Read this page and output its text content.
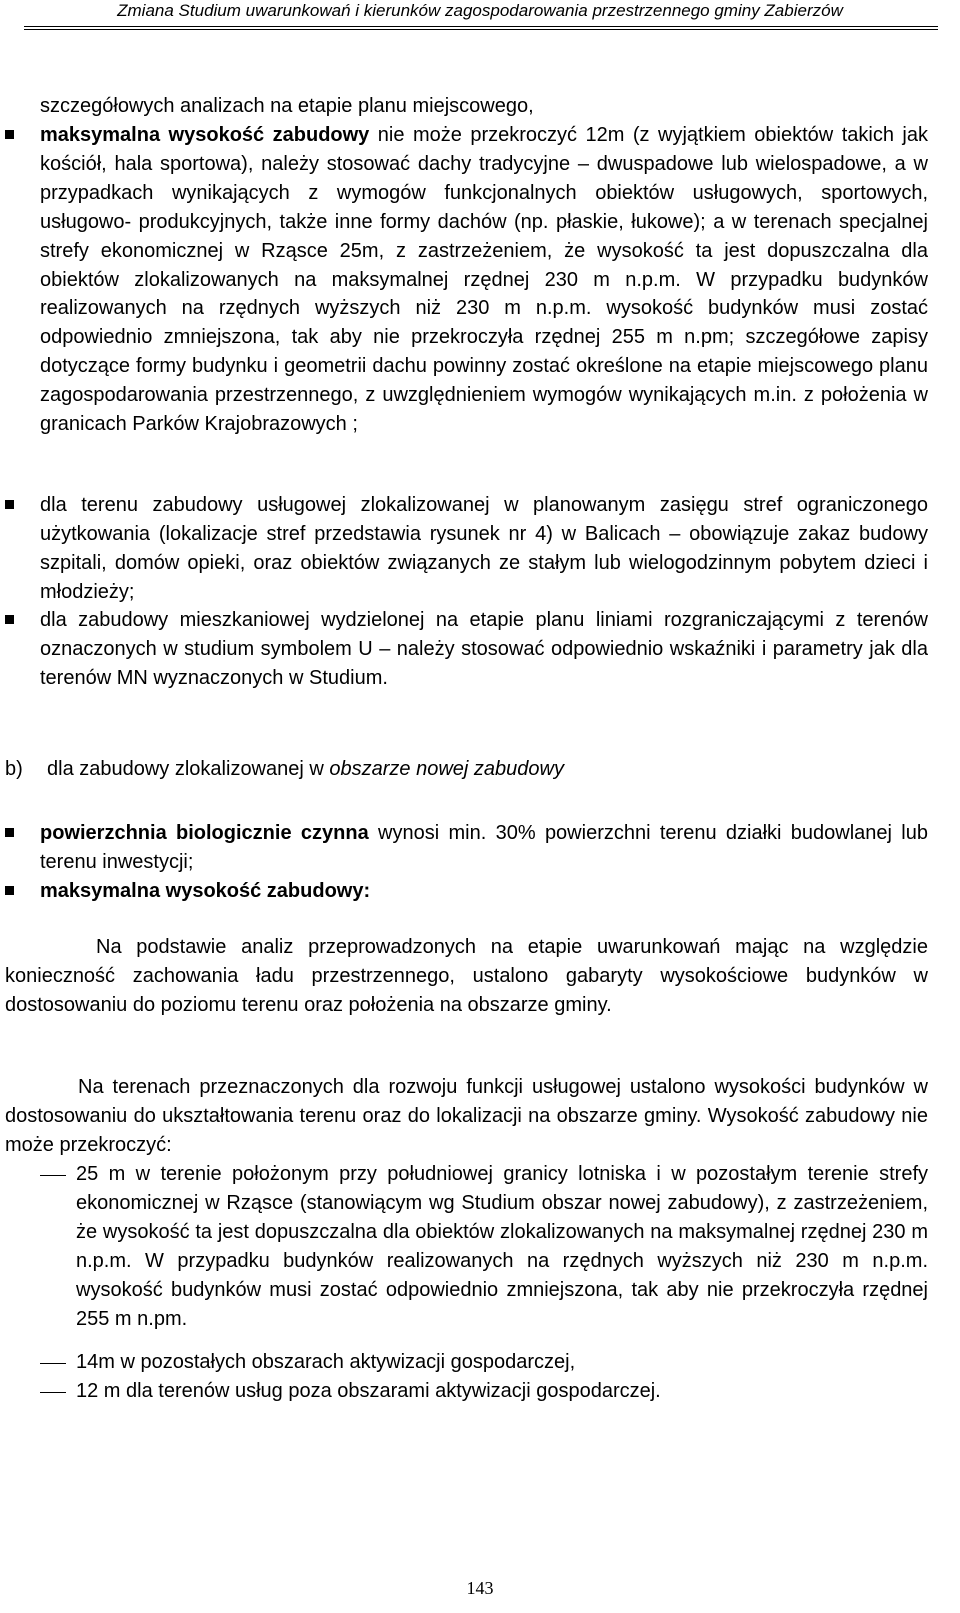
Zmiana Studium uwarunkowań i kierunków zagospodarowania przestrzennego gminy Zabierzów

szczegółowych analizach na etapie planu miejscowego,

maksymalna wysokość zabudowy nie może przekroczyć 12m (z wyjątkiem obiektów takich jak kościół, hala sportowa), należy stosować dachy tradycyjne – dwuspadowe lub wielospadowe, a w przypadkach wynikających z wymogów funkcjonalnych obiektów usługowych, sportowych, usługowo- produkcyjnych, także inne formy dachów (np. płaskie, łukowe); a w terenach specjalnej strefy ekonomicznej w Rząsce 25m, z zastrzeżeniem, że wysokość ta jest dopuszczalna dla obiektów zlokalizowanych na maksymalnej rzędnej 230 m n.p.m. W przypadku budynków realizowanych na rzędnych wyższych niż 230 m n.p.m. wysokość budynków musi zostać odpowiednio zmniejszona, tak aby nie przekroczyła rzędnej 255 m n.pm; szczegółowe zapisy dotyczące formy budynku i geometrii dachu powinny zostać określone na etapie miejscowego planu zagospodarowania przestrzennego, z uwzględnieniem wymogów wynikających m.in. z położenia w granicach Parków Krajobrazowych ;

dla terenu zabudowy usługowej zlokalizowanej w planowanym zasięgu stref ograniczonego użytkowania (lokalizacje stref przedstawia rysunek nr 4) w Balicach – obowiązuje zakaz budowy szpitali, domów opieki, oraz obiektów związanych ze stałym lub wielogodzinnym pobytem dzieci i młodzieży;

dla zabudowy mieszkaniowej wydzielonej na etapie planu liniami rozgraniczającymi z terenów oznaczonych w studium symbolem U – należy stosować odpowiednio wskaźniki i parametry jak dla terenów MN wyznaczonych w Studium.

b) dla zabudowy zlokalizowanej w obszarze nowej zabudowy

powierzchnia biologicznie czynna wynosi min. 30% powierzchni terenu działki budowlanej lub terenu inwestycji;

maksymalna wysokość zabudowy:

Na podstawie analiz przeprowadzonych na etapie uwarunkowań mając na względzie konieczność zachowania ładu przestrzennego, ustalono gabaryty wysokościowe budynków w dostosowaniu do poziomu terenu oraz położenia na obszarze gminy.

Na terenach przeznaczonych dla rozwoju funkcji usługowej ustalono wysokości budynków w dostosowaniu do ukształtowania terenu oraz do lokalizacji na obszarze gminy. Wysokość zabudowy nie może przekroczyć:

25 m w terenie położonym przy południowej granicy lotniska i w pozostałym terenie strefy ekonomicznej w Rząsce (stanowiącym wg Studium obszar nowej zabudowy), z zastrzeżeniem, że wysokość ta jest dopuszczalna dla obiektów zlokalizowanych na maksymalnej rzędnej 230 m n.p.m. W przypadku budynków realizowanych na rzędnych wyższych niż 230 m n.p.m. wysokość budynków musi zostać odpowiednio zmniejszona, tak aby nie przekroczyła rzędnej 255 m n.pm.

14m w pozostałych obszarach aktywizacji gospodarczej,

12 m dla terenów usług poza obszarami aktywizacji gospodarczej.

143
